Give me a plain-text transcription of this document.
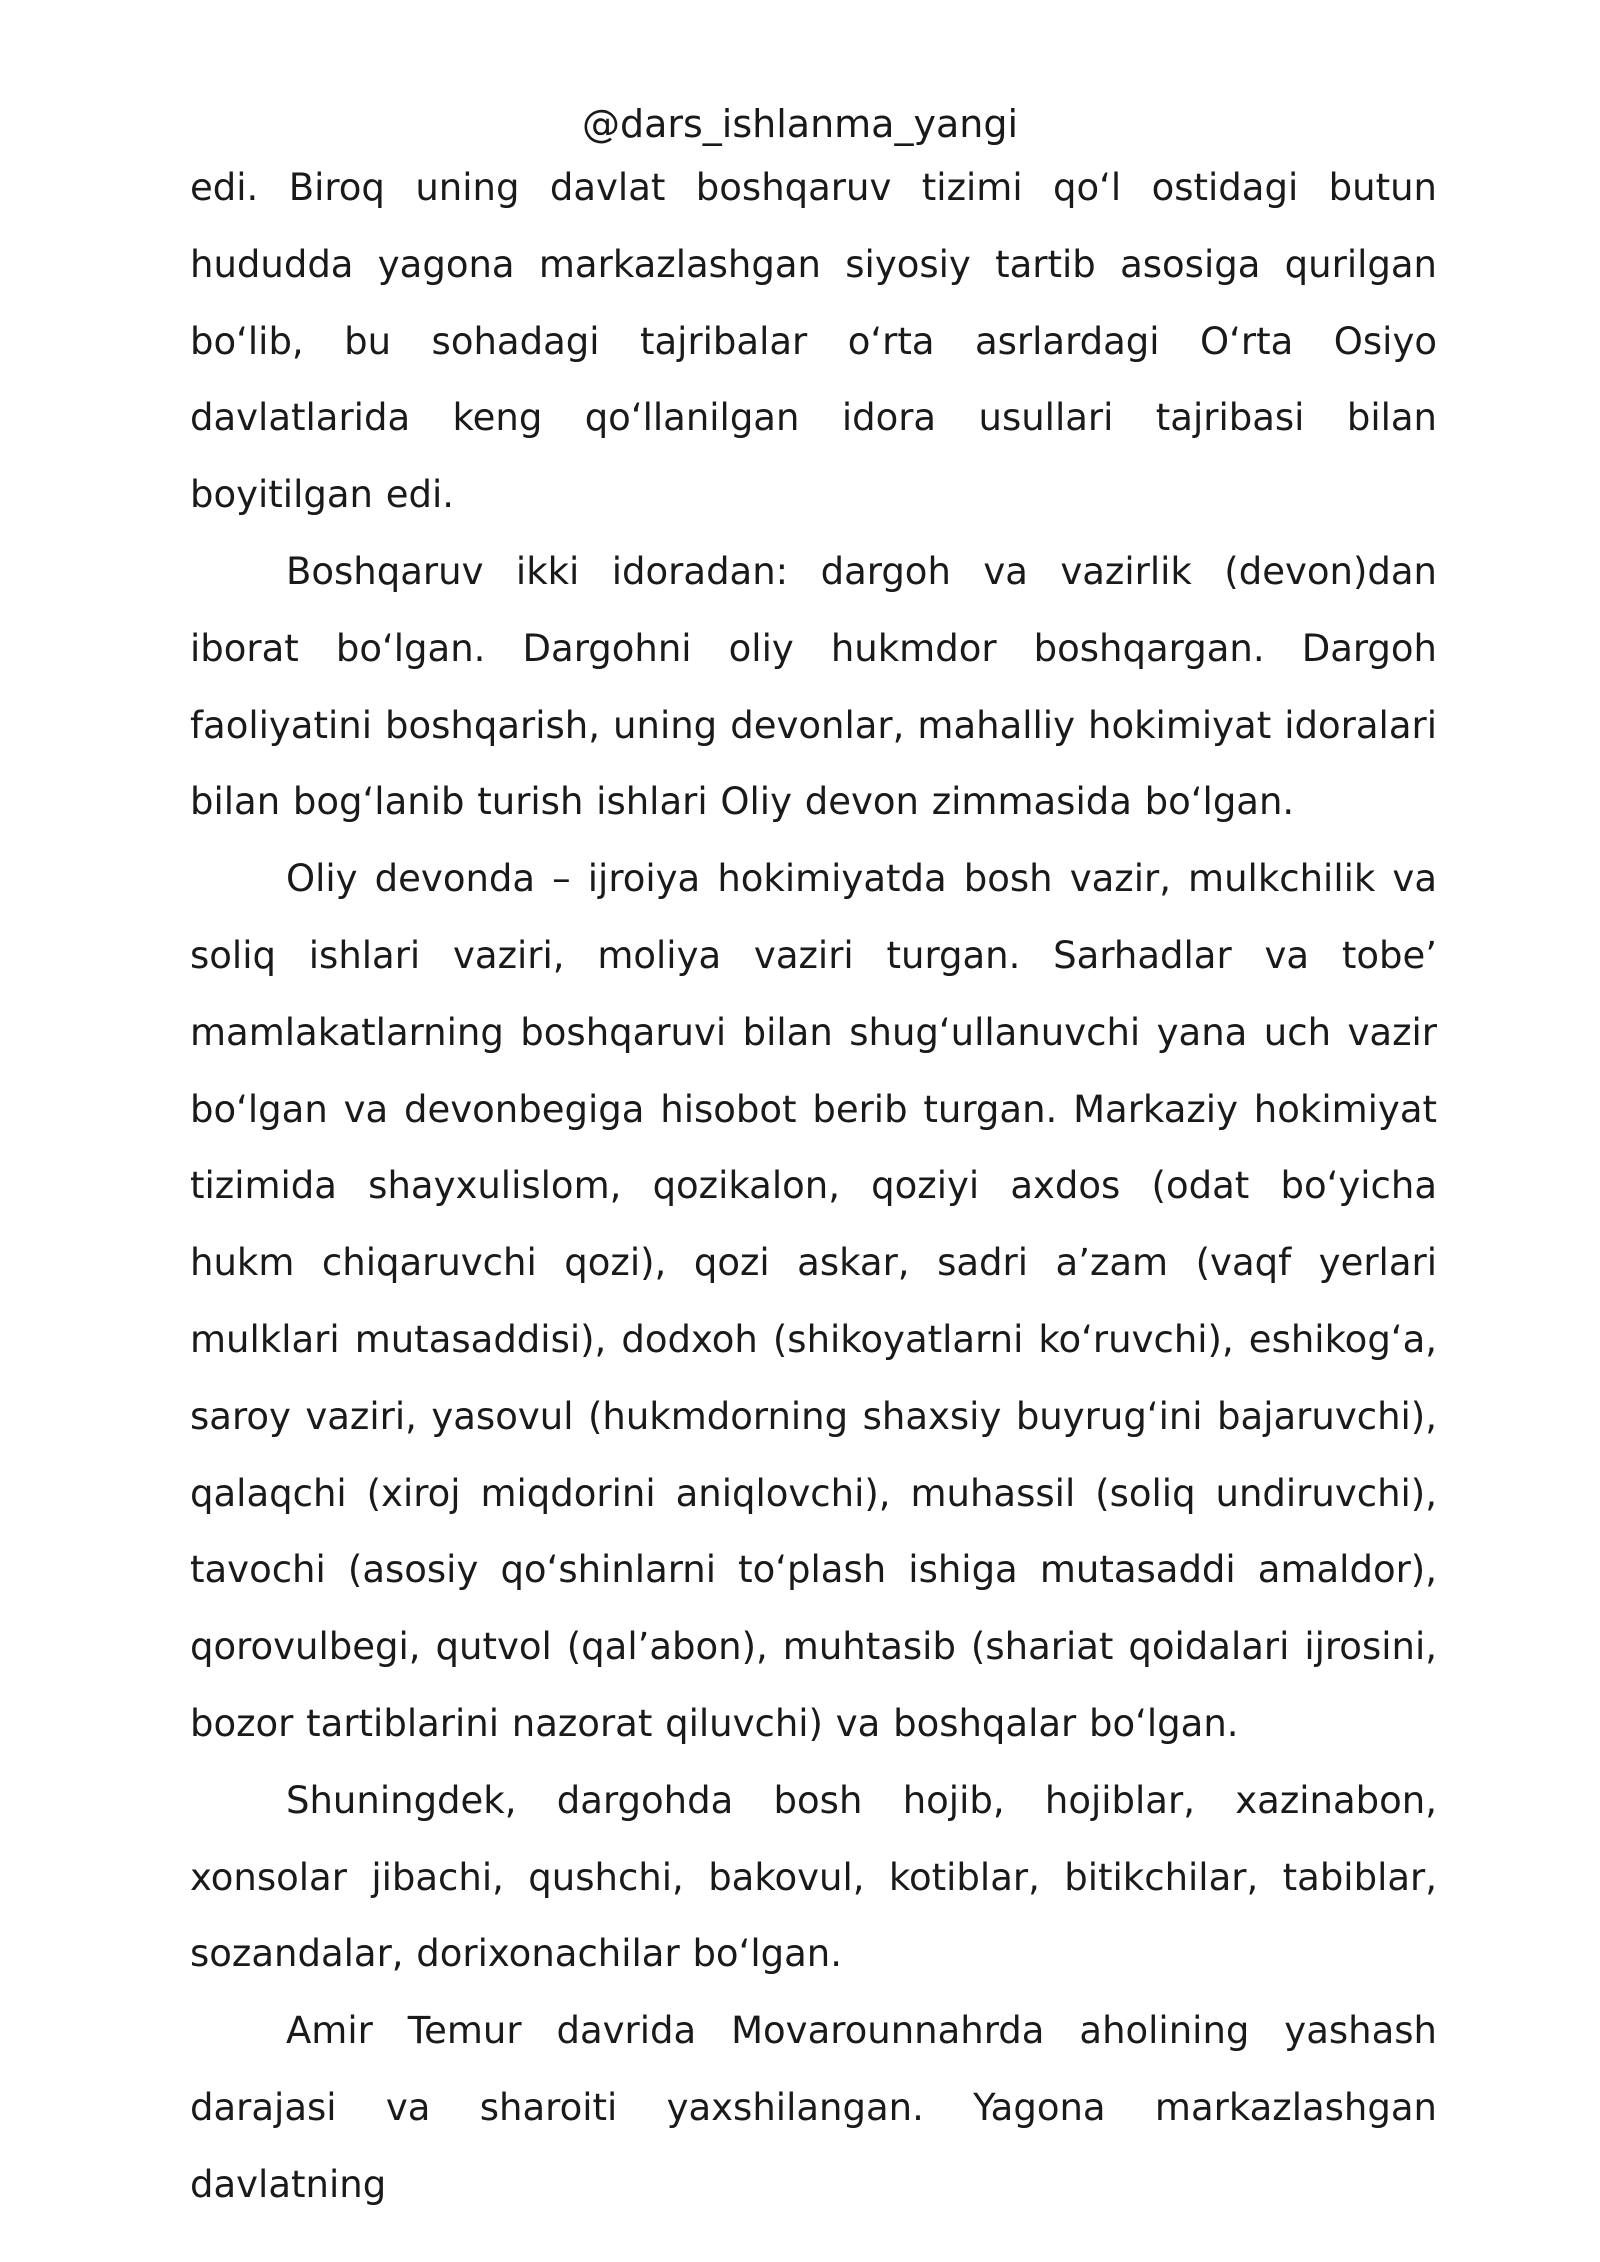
@dars_ishlanma_yangi

edi. Biroq uning davlat boshqaruv tizimi qo‘l ostidagi butun hududda yagona markazlashgan siyosiy tartib asosiga qurilgan bo‘lib, bu sohadagi tajribalar o‘rta asrlardagi O‘rta Osiyo davlatlarida keng qo‘llanilgan idora usullari tajribasi bilan boyitilgan edi.

Boshqaruv ikki idoradan: dargoh va vazirlik (devon)dan iborat bo‘lgan. Dargohni oliy hukmdor boshqargan. Dargoh faoliyatini boshqarish, uning devonlar, mahalliy hokimiyat idoralari bilan bog‘lanib turish ishlari Oliy devon zimmasida bo‘lgan.

Oliy devonda – ijroiya hokimiyatda bosh vazir, mulkchilik va soliq ishlari vaziri, moliya vaziri turgan. Sarhadlar va tobe’ mamlakatlarning boshqaruvi bilan shug‘ullanuvchi yana uch vazir bo‘lgan va devonbegiga hisobot berib turgan. Markaziy hokimiyat tizimida shayxulislom, qozikalon, qoziyi axdos (odat bo‘yicha hukm chiqaruvchi qozi), qozi askar, sadri a’zam (vaqf yerlari mulklari mutasaddisi), dodxoh (shikoyatlarni ko‘ruvchi), eshikog‘a, saroy vaziri, yasovul (hukmdorning shaxsiy buyrug‘ini bajaruvchi), qalaqchi (xiroj miqdorini aniqlovchi), muhassil (soliq undiruvchi), tavochi (asosiy qo‘shinlarni to‘plash ishiga mutasaddi amaldor), qorovulbegi, qutvol (qal’abon), muhtasib (shariat qoidalari ijrosini, bozor tartiblarini nazorat qiluvchi) va boshqalar bo‘lgan.

Shuningdek, dargohda bosh hojib, hojiblar, xazinabon, xonsolar jibachi, qushchi, bakovul, kotiblar, bitikchilar, tabiblar, sozandalar, dorixonachilar bo‘lgan.

Amir Temur davrida Movarounnahrda aholining yashash darajasi va sharoiti yaxshilangan. Yagona markazlashgan davlatning
